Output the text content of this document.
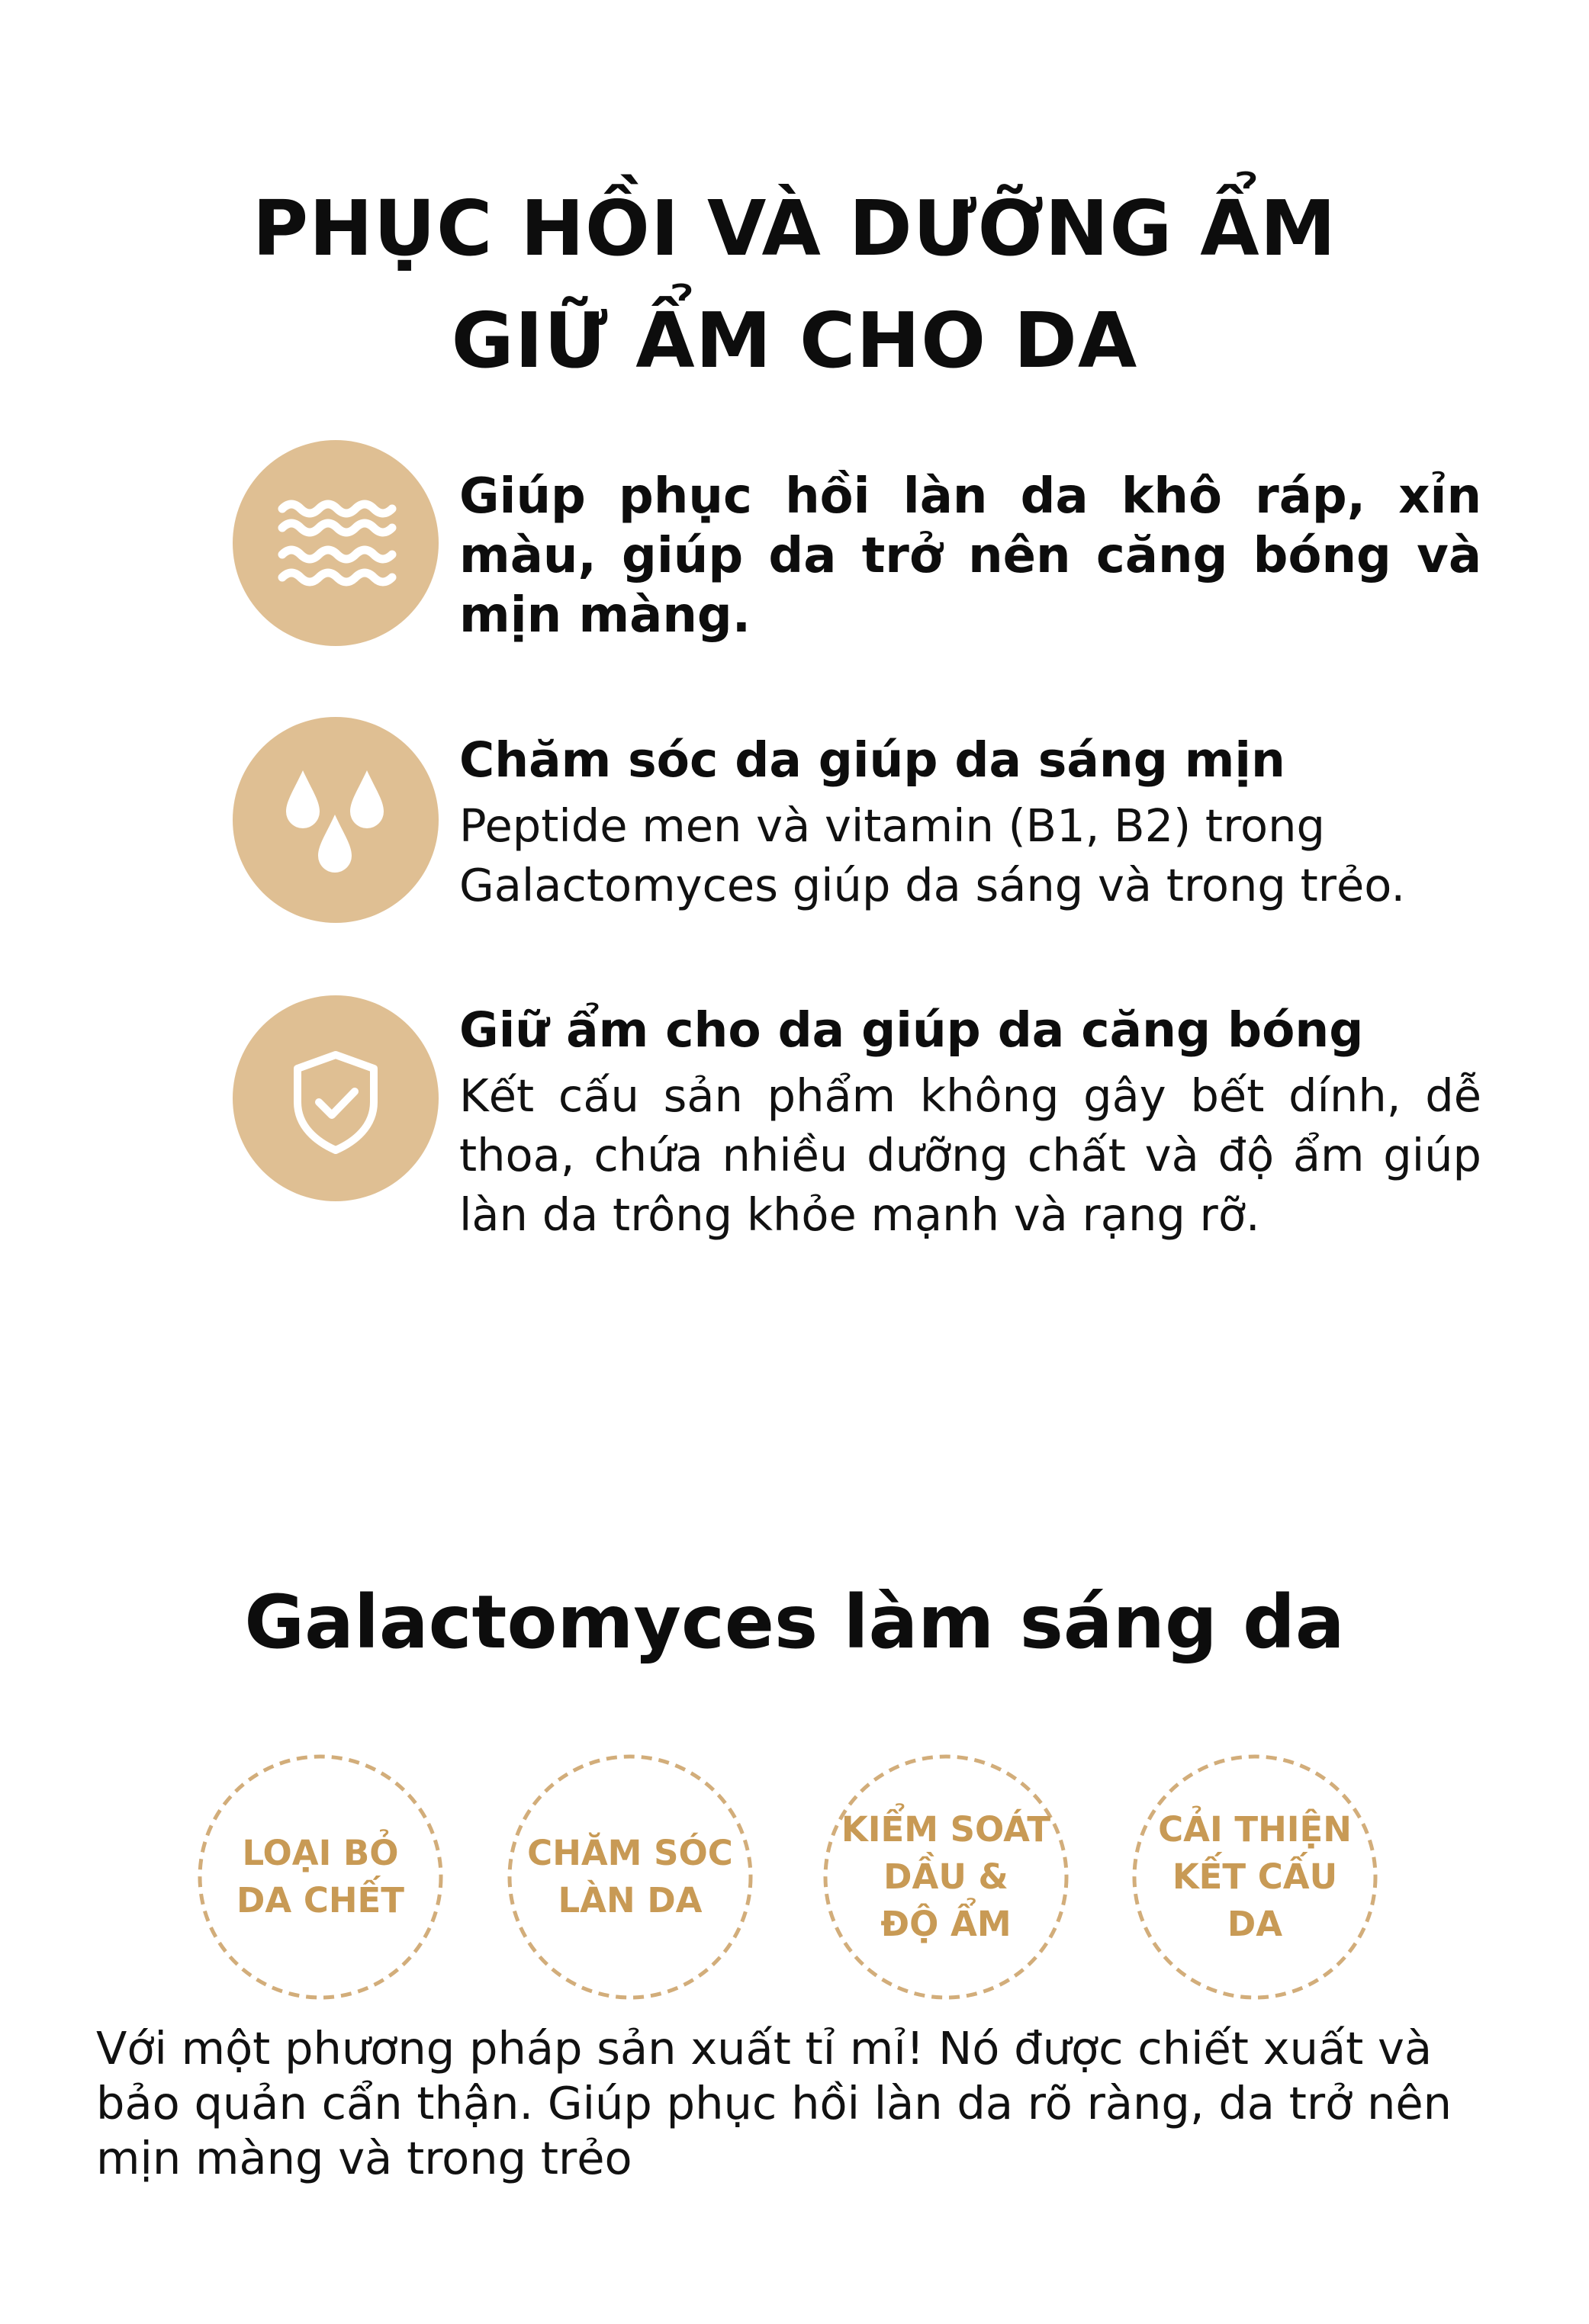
PHỤC HỒI VÀ DƯỠNG ẨM
GIỮ ẨM CHO DA

Giúp phục hồi làn da khô ráp, xỉn màu, giúp da trở nên căng bóng và mịn màng.

Chăm sóc da giúp da sáng mịn

Peptide men và vitamin (B1, B2) trong Galactomyces giúp da sáng và trong trẻo.

Giữ ẩm cho da giúp da căng bóng

Kết cấu sản phẩm không gây bết dính, dễ thoa, chứa nhiều dưỡng chất và độ ẩm giúp làn da trông khỏe mạnh và rạng rỡ.

Galactomyces làm sáng da
LOẠI BỎ
DA CHẾT
CHĂM SÓC
LÀN DA
KIỂM SOÁT
DẦU &
ĐỘ ẨM
CẢI THIỆN
KẾT CẤU DA

Với một phương pháp sản xuất tỉ mỉ! Nó được chiết xuất và bảo quản cẩn thận. Giúp phục hồi làn da rõ ràng, da trở nên mịn màng và trong trẻo
